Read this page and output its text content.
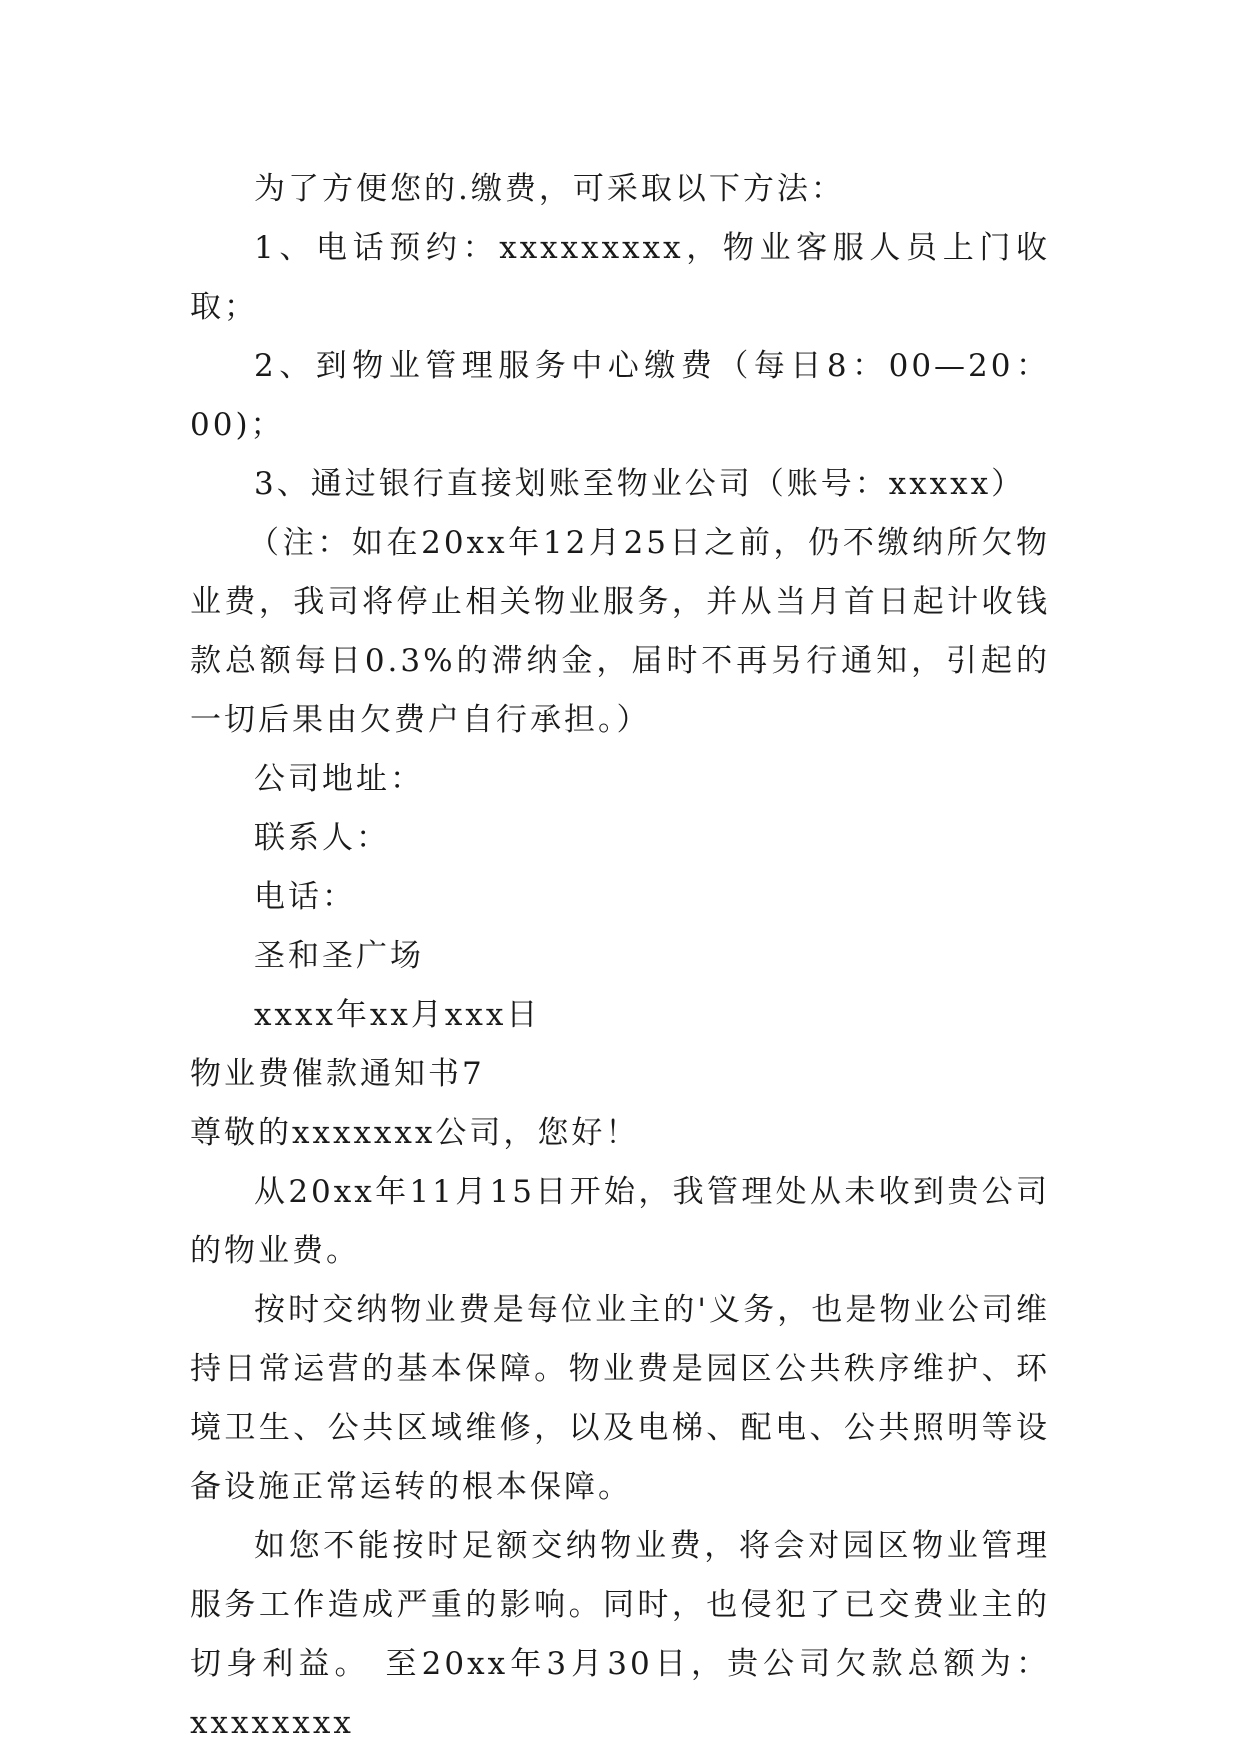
为了方便您的.缴费，可采取以下方法：

1、电话预约：xxxxxxxxx，物业客服人员上门收取；

2、到物业管理服务中心缴费（每日8：00—20：00)；

3、通过银行直接划账至物业公司（账号：xxxxx）

（注：如在20xx年12月25日之前，仍不缴纳所欠物业费，我司将停止相关物业服务，并从当月首日起计收钱款总额每日0.3%的滞纳金，届时不再另行通知，引起的一切后果由欠费户自行承担。）

公司地址：

联系人：

电话：

圣和圣广场

xxxx年xx月xxx日

物业费催款通知书7

尊敬的xxxxxxx公司，您好！

从20xx年11月15日开始，我管理处从未收到贵公司的物业费。

按时交纳物业费是每位业主的'义务，也是物业公司维持日常运营的基本保障。物业费是园区公共秩序维护、环境卫生、公共区域维修，以及电梯、配电、公共照明等设备设施正常运转的根本保障。

如您不能按时足额交纳物业费，将会对园区物业管理服务工作造成严重的影响。同时，也侵犯了已交费业主的切身利益。 至20xx年3月30日，贵公司欠款总额为：xxxxxxxx
